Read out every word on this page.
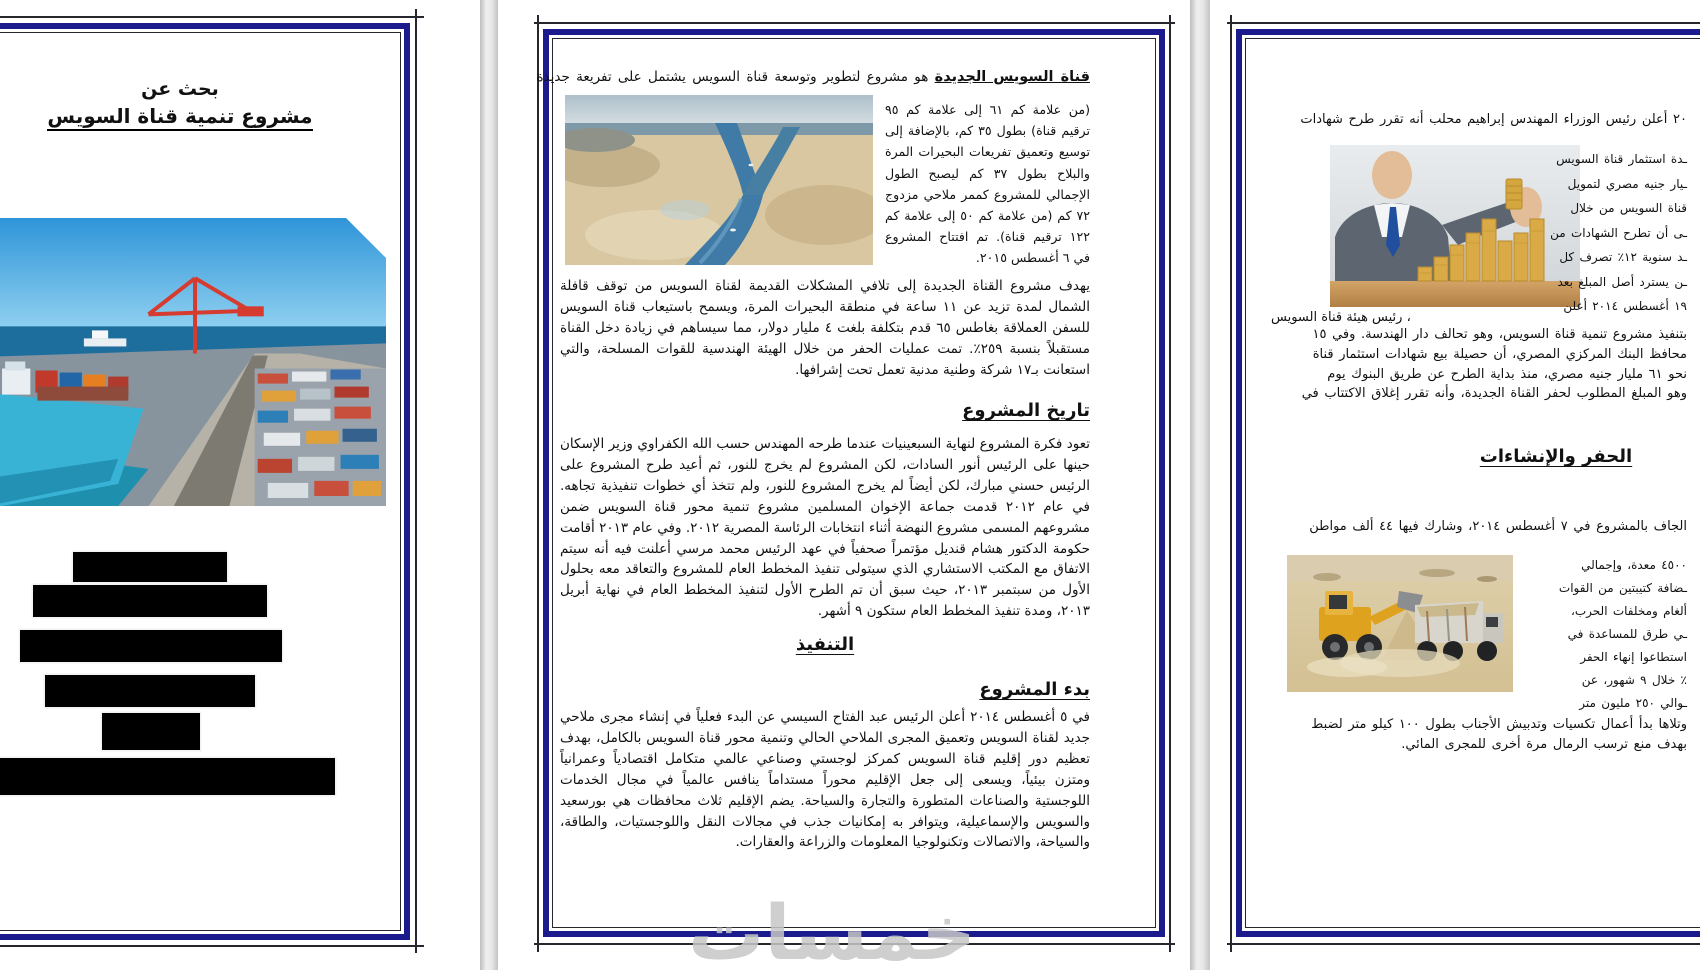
بحث عن
مشروع تنمية قناة السويس
قناة السويس الجديدة هو مشروع لتطوير وتوسعة قناة السويس يشتمل على تفريعة جديدة
(من علامة كم ٦١ إلى علامة كم ٩٥ ترقيم قناة) بطول ٣٥ كم، بالإضافة إلى توسيع وتعميق تفريعات البحيرات المرة والبلاح بطول ٣٧ كم ليصبح الطول الإجمالي للمشروع كممر ملاحي مزدوج ٧٢ كم (من علامة كم ٥٠ إلى علامة كم ١٢٢ ترقيم قناة). تم افتتاح المشروع في ٦ أغسطس ٢٠١٥.
يهدف مشروع القناة الجديدة إلى تلافي المشكلات القديمة لقناة السويس من توقف قافلة الشمال لمدة تزيد عن ١١ ساعة في منطقة البحيرات المرة، ويسمح باستيعاب قناة السويس للسفن العملاقة بغاطس ٦٥ قدم بتكلفة بلغت ٤ مليار دولار، مما سيساهم في زيادة دخل القناة مستقبلاً بنسبة ٢٥٩٪. تمت عمليات الحفر من خلال الهيئة الهندسية للقوات المسلحة، والتي استعانت بـ١٧ شركة وطنية مدنية تعمل تحت إشرافها.
تاريخ المشروع
تعود فكرة المشروع لنهاية السبعينيات عندما طرحه المهندس حسب الله الكفراوي وزير الإسكان حينها على الرئيس أنور السادات، لكن المشروع لم يخرج للنور، ثم أعيد طرح المشروع على الرئيس حسني مبارك، لكن أيضاً لم يخرج المشروع للنور، ولم تتخذ أي خطوات تنفيذية تجاهه. في عام ٢٠١٢ قدمت جماعة الإخوان المسلمين مشروع تنمية محور قناة السويس ضمن مشروعهم المسمى مشروع النهضة أثناء انتخابات الرئاسة المصرية ٢٠١٢. وفي عام ٢٠١٣ أقامت حكومة الدكتور هشام قنديل مؤتمراً صحفياً في عهد الرئيس محمد مرسي أعلنت فيه أنه سيتم الاتفاق مع المكتب الاستشاري الذي سيتولى تنفيذ المخطط العام للمشروع والتعاقد معه بحلول الأول من سبتمبر ٢٠١٣، حيث سبق أن تم الطرح الأول لتنفيذ المخطط العام في نهاية أبريل ٢٠١٣، ومدة تنفيذ المخطط العام ستكون ٩ أشهر.
التنفيذ
بدء المشروع
في ٥ أغسطس ٢٠١٤ أعلن الرئيس عبد الفتاح السيسي عن البدء فعلياً في إنشاء مجرى ملاحي جديد لقناة السويس وتعميق المجرى الملاحي الحالي وتنمية محور قناة السويس بالكامل، بهدف تعظيم دور إقليم قناة السويس كمركز لوجستي وصناعي عالمي متكامل اقتصادياً وعمرانياً ومتزن بيئياً، ويسعى إلى جعل الإقليم محوراً مستداماً ينافس عالمياً في مجال الخدمات اللوجستية والصناعات المتطورة والتجارة والسياحة. يضم الإقليم ثلاث محافظات هي بورسعيد والسويس والإسماعيلية، ويتوافر به إمكانيات جذب في مجالات النقل واللوجستيات، والطاقة، والسياحة، والاتصالات وتكنولوجيا المعلومات والزراعة والعقارات.
٢٠ أعلن رئيس الوزراء المهندس إبراهيم محلب أنه تقرر طرح شهادات
ـدة استثمار قناة السويس
ـيار جنيه مصري لتمويل
قناة السويس من خلال
ـى أن تطرح الشهادات من
ـد سنوية ١٢٪ تصرف كل
ـن يسترد أصل المبلغ بعد
١٩ أغسطس ٢٠١٤ أعلن
، رئيس هيئة قناة السويس
بتنفيذ مشروع تنمية قناة السويس، وهو تحالف دار الهندسة. وفي ١٥
محافظ البنك المركزي المصري، أن حصيلة بيع شهادات استثمار قناة
نحو ٦١ مليار جنيه مصري، منذ بداية الطرح عن طريق البنوك يوم
وهو المبلغ المطلوب لحفر القناة الجديدة، وأنه تقرر إغلاق الاكتتاب في
الحفر والإنشاءات
الجاف بالمشروع في ٧ أغسطس ٢٠١٤، وشارك فيها ٤٤ ألف مواطن
٤٥٠٠ معدة، وإجمالي
ـضافة كتيبتين من القوات
ألغام ومخلفات الحرب،
ـي طرق للمساعدة في
استطاعوا إنهاء الحفر
٪ خلال ٩ شهور، عن
ـوالي ٢٥٠ مليون متر
وتلاها بدأ أعمال تكسيات وتدبيش الأجناب بطول ١٠٠ كيلو متر لضبط
بهدف منع ترسب الرمال مرة أخرى للمجرى المائي.
خمسات
